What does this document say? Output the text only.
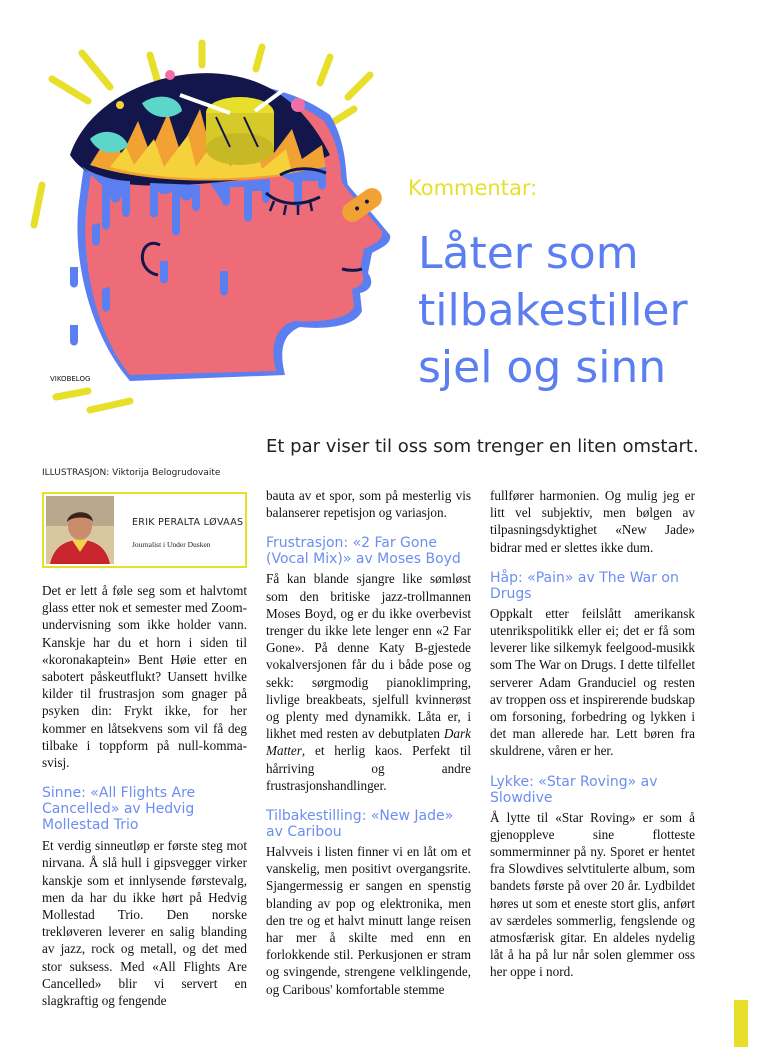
VIKOBELOG
Kommentar:
Låter som tilbakestiller sjel og sinn
Et par viser til oss som trenger en liten omstart.
ILLUSTRASJON: Viktorija Belogrudovaite
ERIK PERALTA LØVAAS
Journalist i Under Dusken

Det er lett å føle seg som et halvtomt glass etter nok et semester med Zoom-undervisning som ikke holder vann. Kanskje har du et horn i siden til «koronakaptein» Bent Høie etter en sabotert påskeutflukt? Uansett hvilke kilder til frustrasjon som gnager på psyken din: Frykt ikke, for her kommer en låtsekvens som vil få deg tilbake i toppform på null-komma-svisj.

Sinne: «All Flights Are Cancelled» av Hedvig Mollestad Trio

Et verdig sinneutløp er første steg mot nirvana. Å slå hull i gipsvegger virker kanskje som et innlysende førstevalg, men da har du ikke hørt på Hedvig Mollestad Trio. Den norske trekløveren leverer en salig blanding av jazz, rock og metall, og det med stor suksess. Med «All Flights Are Cancelled» blir vi servert en slagkraftig og fengende

bauta av et spor, som på mesterlig vis balanserer repetisjon og variasjon.

Frustrasjon: «2 Far Gone (Vocal Mix)» av Moses Boyd

Få kan blande sjangre like sømløst som den britiske jazz-trollmannen Moses Boyd, og er du ikke overbevist trenger du ikke lete lenger enn «2 Far Gone». På denne Katy B-gjestede vokalversjonen får du i både pose og sekk: sørgmodig pianoklimpring, livlige breakbeats, sjelfull kvinnerøst og plenty med dynamikk. Låta er, i likhet med resten av debutplaten Dark Matter, et herlig kaos. Perfekt til hårriving og andre frustrasjonshandlinger.

Tilbakestilling: «New Jade» av Caribou

Halvveis i listen finner vi en låt om et vanskelig, men positivt overgangsrite. Sjangermessig er sangen en spenstig blanding av pop og elektronika, men den tre og et halvt minutt lange reisen har mer å skilte med enn en forlokkende stil. Perkusjonen er stram og svingende, strengene velklingende, og Caribous' komfortable stemme

fullfører harmonien. Og mulig jeg er litt vel subjektiv, men bølgen av tilpasningsdyktighet «New Jade» bidrar med er slettes ikke dum.

Håp: «Pain» av The War on Drugs

Oppkalt etter feilslått amerikansk utenrikspolitikk eller ei; det er få som leverer like silkemyk feelgood-musikk som The War on Drugs. I dette tilfellet serverer Adam Granduciel og resten av troppen oss et inspirerende budskap om forsoning, forbedring og lykken i det man allerede har. Lett børen fra skuldrene, våren er her.

Lykke: «Star Roving» av Slowdive

Å lytte til «Star Roving» er som å gjenoppleve sine flotteste sommerminner på ny. Sporet er hentet fra Slowdives selvtitulerte album, som bandets første på over 20 år. Lydbildet høres ut som et eneste stort glis, anført av særdeles sommerlig, fengslende og atmosfærisk gitar. En aldeles nydelig låt å ha på lur når solen glemmer oss her oppe i nord.
